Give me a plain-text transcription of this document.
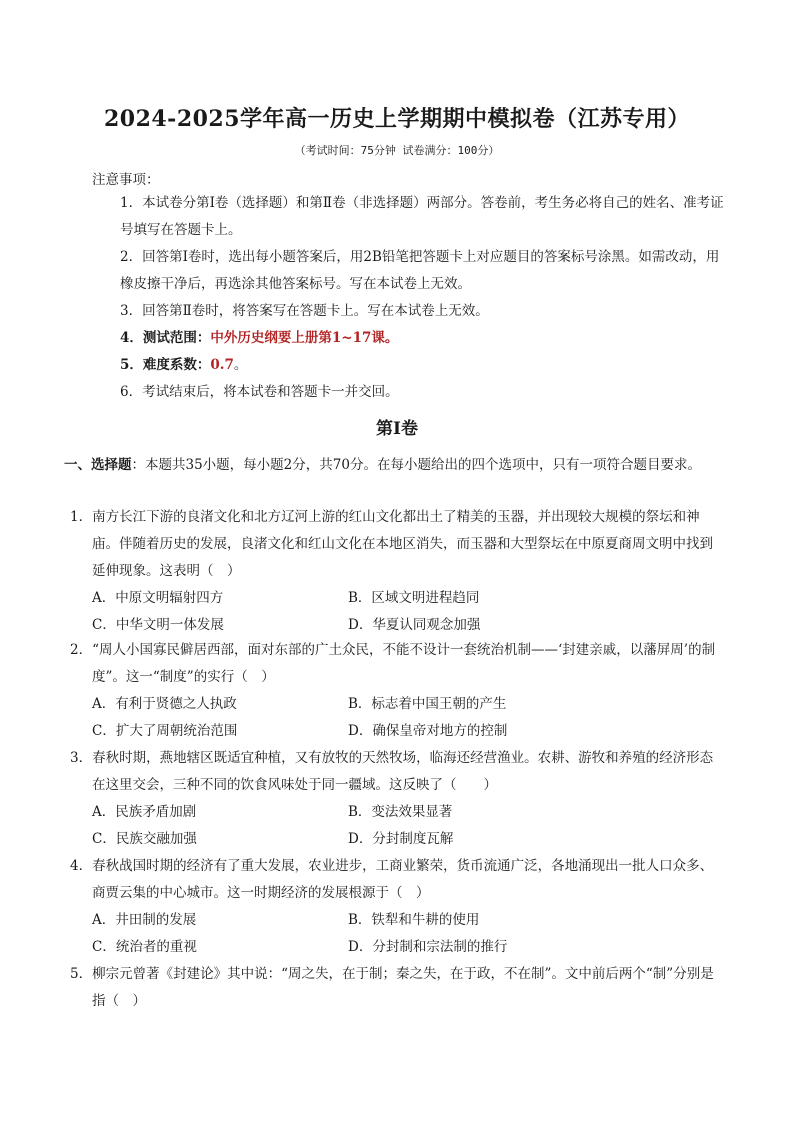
2024-2025学年高一历史上学期期中模拟卷（江苏专用）
（考试时间：75分钟 试卷满分：100分）
注意事项：
1．本试卷分第Ⅰ卷（选择题）和第Ⅱ卷（非选择题）两部分。答卷前，考生务必将自己的姓名、准考证号填写在答题卡上。
2．回答第Ⅰ卷时，选出每小题答案后，用2B铅笔把答题卡上对应题目的答案标号涂黑。如需改动，用橡皮擦干净后，再选涂其他答案标号。写在本试卷上无效。
3．回答第Ⅱ卷时，将答案写在答题卡上。写在本试卷上无效。
4．测试范围：中外历史纲要上册第1~17课。
5．难度系数：0.7。
6．考试结束后，将本试卷和答题卡一并交回。
第Ⅰ卷
一、选择题：本题共35小题，每小题2分，共70分。在每小题给出的四个选项中，只有一项符合题目要求。
1．南方长江下游的良渚文化和北方辽河上游的红山文化都出土了精美的玉器，并出现较大规模的祭坛和神庙。伴随着历史的发展，良渚文化和红山文化在本地区消失，而玉器和大型祭坛在中原夏商周文明中找到延伸现象。这表明（　）
A．中原文明辐射四方	B．区域文明进程趋同
C．中华文明一体发展	D．华夏认同观念加强
2．“周人小国寡民僻居西部，面对东部的广土众民，不能不设计一套统治机制——‘封建亲戚，以藩屏周’的制度”。这一“制度”的实行（　）
A．有利于贤德之人执政	B．标志着中国王朝的产生
C．扩大了周朝统治范围	D．确保皇帝对地方的控制
3．春秋时期，燕地辖区既适宜种植，又有放牧的天然牧场，临海还经营渔业。农耕、游牧和养殖的经济形态在这里交会，三种不同的饮食风味处于同一疆域。这反映了（　　）
A．民族矛盾加剧	B．变法效果显著
C．民族交融加强	D．分封制度瓦解
4．春秋战国时期的经济有了重大发展，农业进步，工商业繁荣，货币流通广泛，各地涌现出一批人口众多、商贾云集的中心城市。这一时期经济的发展根源于（　）
A．井田制的发展	B．铁犁和牛耕的使用
C．统治者的重视	D．分封制和宗法制的推行
5．柳宗元曾著《封建论》其中说：“周之失，在于制；秦之失，在于政，不在制”。文中前后两个“制”分别是指（　）
